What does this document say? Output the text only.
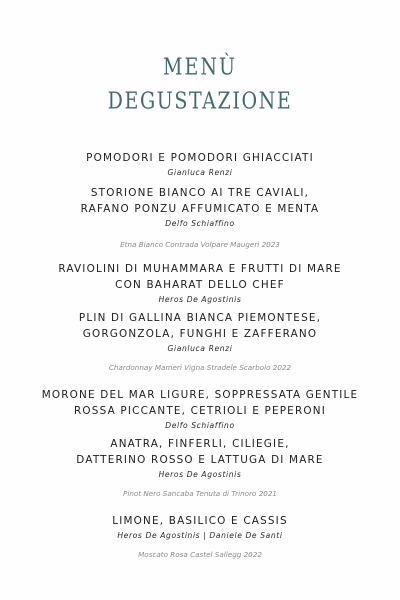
MENÙ
DEGUSTAZIONE
POMODORI E POMODORI GHIACCIATI
Gianluca Renzi
STORIONE BIANCO AI TRE CAVIALI,
RAFANO PONZU AFFUMICATO E MENTA
Delfo Schiaffino
Etna Bianco Contrada Volpare Maugeri 2023
RAVIOLINI DI MUHAMMARA E FRUTTI DI MARE
CON BAHARAT DELLO CHEF
Heros De Agostinis
PLIN DI GALLINA BIANCA PIEMONTESE,
GORGONZOLA, FUNGHI E ZAFFERANO
Gianluca Renzi
Chardonnay Mamerì Vigna Stradele Scarbolo 2022
MORONE DEL MAR LIGURE, SOPPRESSATA GENTILE
ROSSA PICCANTE, CETRIOLI E PEPERONI
Delfo Schiaffino
ANATRA, FINFERLI, CILIEGIE,
DATTERINO ROSSO E LATTUGA DI MARE
Heros De Agostinis
Pinot Nero Sancaba Tenuta di Trinoro 2021
LIMONE, BASILICO E CASSIS
Heros De Agostinis | Daniele De Santi
Moscato Rosa Castel Sallegg 2022
